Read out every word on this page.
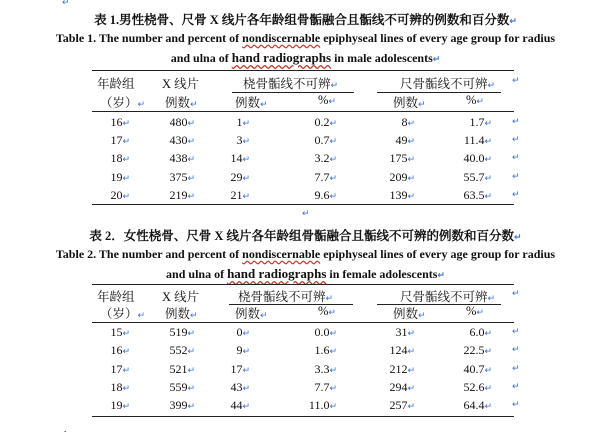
↵
表 1.男性桡骨、尺骨 X 线片各年龄组骨骺融合且骺线不可辨的例数和百分数↵
Table 1. The number and percent of nondiscernable epiphyseal lines of every age group for radius
and ulna of hand radiographs in male adolescents↵
年龄组 X 线片	桡骨骺线不可辨↵	尺骨骺线不可辨↵
（岁）↵ 例数↵	例数↵	%↵	例数↵	%↵
↵
16↵	480↵	1↵	0.2↵	8↵	1.7↵ ↵
17↵	430↵	3↵	0.7↵	49↵	11.4↵ ↵
18↵	438↵	14↵	3.2↵	175↵	40.0↵ ↵
19↵	375↵	29↵	7.7↵	209↵	55.7↵ ↵
20↵	219↵	21↵	9.6↵	139↵	63.5↵ ↵
↵
表 2．女性桡骨、尺骨 X 线片各年龄组骨骺融合且骺线不可辨的例数和百分数↵
Table 2. The number and percent of nondiscernable epiphyseal lines of every age group for radius
and ulna of hand radiographs in female adolescents↵
年龄组 X 线片	桡骨骺线不可辨↵	尺骨骺线不可辨↵
（岁）↵ 例数↵	例数↵	%↵	例数↵	%↵
↵
15↵	519↵	0↵	0.0↵	31↵	6.0↵ ↵
16↵	552↵	9↵	1.6↵	124↵	22.5↵ ↵
17↵	521↵	17↵	3.3↵	212↵	40.7↵ ↵
18↵	559↵	43↵	7.7↵	294↵	52.6↵ ↵
19↵	399↵	44↵	11.0↵	257↵	64.4↵ ↵
.
